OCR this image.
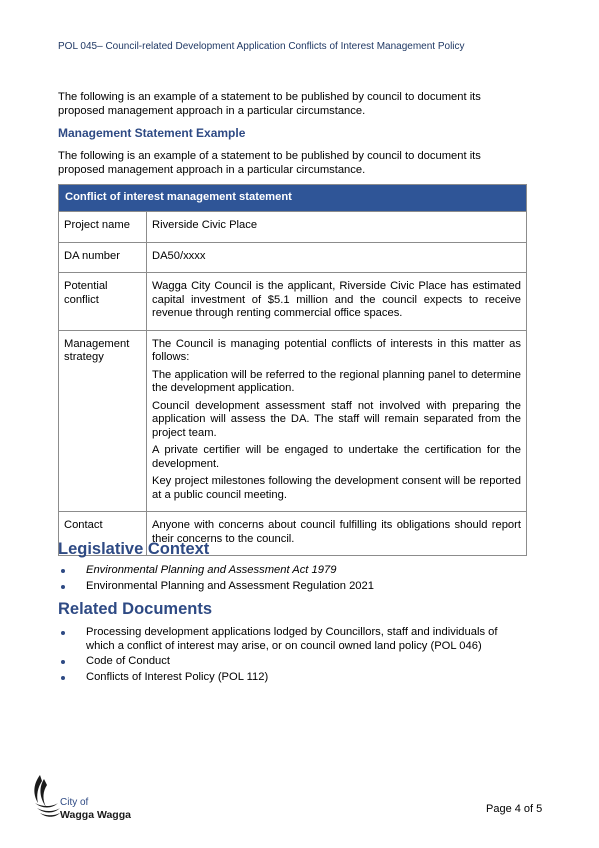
POL 045– Council-related Development Application Conflicts of Interest Management Policy

The following is an example of a statement to be published by council to document its proposed management approach in a particular circumstance.

Management Statement Example

The following is an example of a statement to be published by council to document its proposed management approach in a particular circumstance.

Conflict of interest management statement	
Project name	Riverside Civic Place
DA number	DA50/xxxx
Potential conflict	Wagga City Council is the applicant, Riverside Civic Place has estimated capital investment of $5.1 million and the council expects to receive revenue through renting commercial office spaces.
Management strategy	The Council is managing potential conflicts of interests in this matter as follows:

The application will be referred to the regional planning panel to determine the development application.

Council development assessment staff not involved with preparing the application will assess the DA. The staff will remain separated from the project team.

A private certifier will be engaged to undertake the certification for the development.

Key project milestones following the development consent will be reported at a public council meeting.

Contact	Anyone with concerns about council fulfilling its obligations should report their concerns to the council.
Legislative Context
Environmental Planning and Assessment Act 1979
Environmental Planning and Assessment Regulation 2021
Related Documents
Processing development applications lodged by Councillors, staff and individuals of which a conflict of interest may arise, or on council owned land policy (POL 046)
Code of Conduct
Conflicts of Interest Policy (POL 112)
City of
Wagga Wagga	Page 4 of 5
